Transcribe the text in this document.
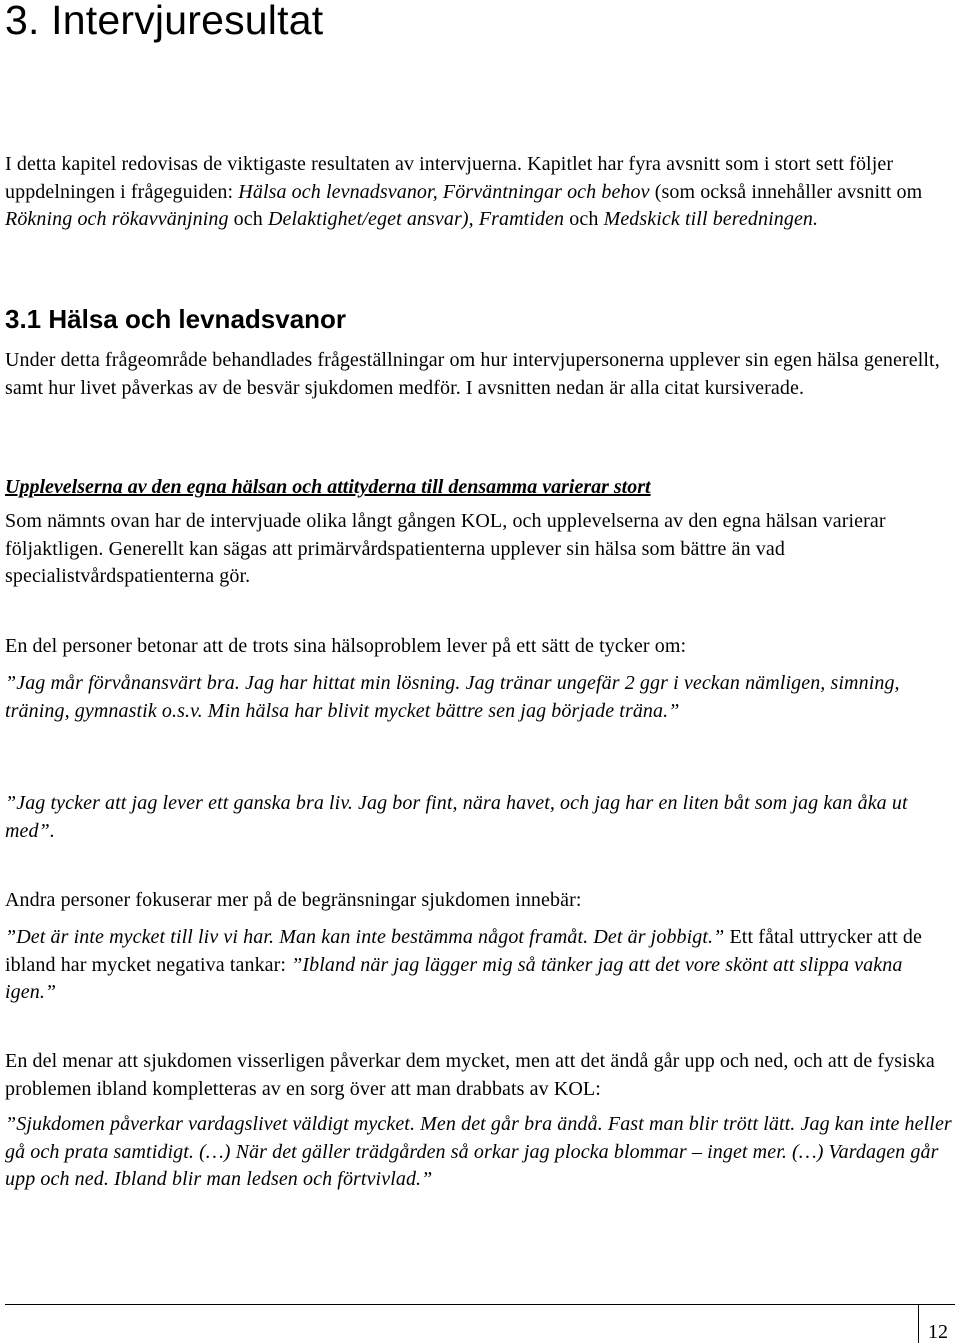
3. Intervjuresultat

I detta kapitel redovisas de viktigaste resultaten av intervjuerna. Kapitlet har fyra avsnitt som i stort sett följer uppdelningen i frågeguiden: Hälsa och levnadsvanor, Förväntningar och behov (som också innehåller avsnitt om Rökning och rökavvänjning och Delaktighet/eget ansvar), Framtiden och Medskick till beredningen.

3.1 Hälsa och levnadsvanor

Under detta frågeområde behandlades frågeställningar om hur intervjupersonerna upplever sin egen hälsa generellt, samt hur livet påverkas av de besvär sjukdomen medför. I avsnitten nedan är alla citat kursiverade.

Upplevelserna av den egna hälsan och attityderna till densamma varierar stort

Som nämnts ovan har de intervjuade olika långt gången KOL, och upplevelserna av den egna hälsan varierar följaktligen. Generellt kan sägas att primärvårdspatienterna upplever sin hälsa som bättre än vad specialistvårdspatienterna gör.

En del personer betonar att de trots sina hälsoproblem lever på ett sätt de tycker om:

”Jag mår förvånansvärt bra. Jag har hittat min lösning. Jag tränar ungefär 2 ggr i veckan nämligen, simning, träning, gymnastik o.s.v. Min hälsa har blivit mycket bättre sen jag började träna.”

”Jag tycker att jag lever ett ganska bra liv. Jag bor fint, nära havet, och jag har en liten båt som jag kan åka ut med”.

Andra personer fokuserar mer på de begränsningar sjukdomen innebär:

”Det är inte mycket till liv vi har. Man kan inte bestämma något framåt. Det är jobbigt.” Ett fåtal uttrycker att de ibland har mycket negativa tankar: ”Ibland när jag lägger mig så tänker jag att det vore skönt att slippa vakna igen.”

En del menar att sjukdomen visserligen påverkar dem mycket, men att det ändå går upp och ned, och att de fysiska problemen ibland kompletteras av en sorg över att man drabbats av KOL:

”Sjukdomen påverkar vardagslivet väldigt mycket. Men det går bra ändå. Fast man blir trött lätt. Jag kan inte heller gå och prata samtidigt. (…) När det gäller trädgården så orkar jag plocka blommar – inget mer. (…) Vardagen går upp och ned. Ibland blir man ledsen och förtvivlad.”

12
